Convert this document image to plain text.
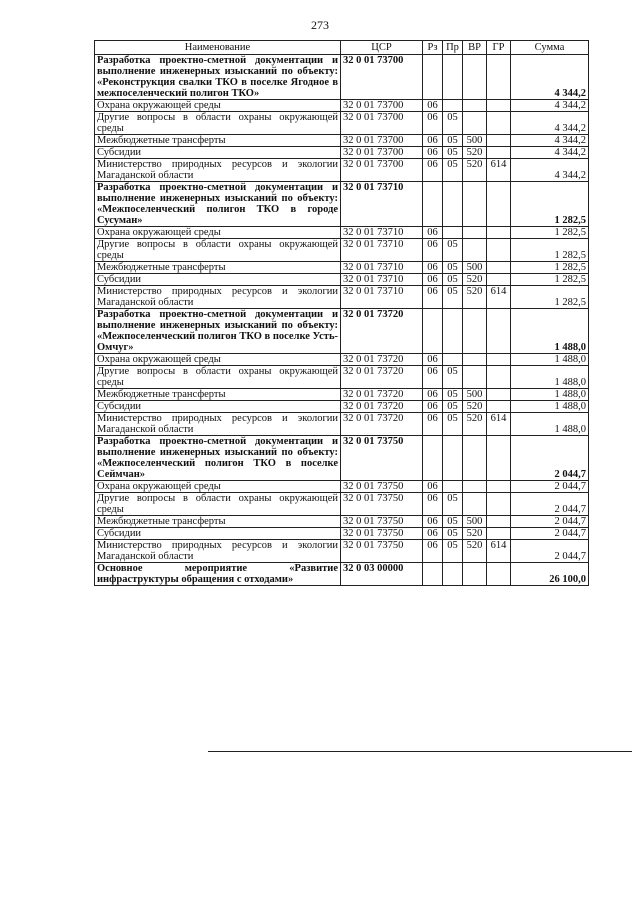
273
Наименование	ЦСР	Рз	Пр	ВР	ГР	Сумма
Разработка проектно-сметной документации и выполнение инженерных изысканий по объекту: «Реконструкция свалки ТКО в поселке Ягодное в межпоселенческий полигон ТКО»	32 0 01 73700					4 344,2
Охрана окружающей среды	32 0 01 73700	06				4 344,2
Другие вопросы в области охраны окружающей среды	32 0 01 73700	06	05			4 344,2
Межбюджетные трансферты	32 0 01 73700	06	05	500		4 344,2
Субсидии	32 0 01 73700	06	05	520		4 344,2
Министерство природных ресурсов и экологии Магаданской области	32 0 01 73700	06	05	520	614	4 344,2
Разработка проектно-сметной документации и выполнение инженерных изысканий по объекту: «Межпоселенческий полигон ТКО в городе Сусуман»	32 0 01 73710					1 282,5
Охрана окружающей среды	32 0 01 73710	06				1 282,5
Другие вопросы в области охраны окружающей среды	32 0 01 73710	06	05			1 282,5
Межбюджетные трансферты	32 0 01 73710	06	05	500		1 282,5
Субсидии	32 0 01 73710	06	05	520		1 282,5
Министерство природных ресурсов и экологии Магаданской области	32 0 01 73710	06	05	520	614	1 282,5
Разработка проектно-сметной документации и выполнение инженерных изысканий по объекту: «Межпоселенческий полигон ТКО в поселке Усть-Омчуг»	32 0 01 73720					1 488,0
Охрана окружающей среды	32 0 01 73720	06				1 488,0
Другие вопросы в области охраны окружающей среды	32 0 01 73720	06	05			1 488,0
Межбюджетные трансферты	32 0 01 73720	06	05	500		1 488,0
Субсидии	32 0 01 73720	06	05	520		1 488,0
Министерство природных ресурсов и экологии Магаданской области	32 0 01 73720	06	05	520	614	1 488,0
Разработка проектно-сметной документации и выполнение инженерных изысканий по объекту: «Межпоселенческий полигон ТКО в поселке Сеймчан»	32 0 01 73750					2 044,7
Охрана окружающей среды	32 0 01 73750	06				2 044,7
Другие вопросы в области охраны окружающей среды	32 0 01 73750	06	05			2 044,7
Межбюджетные трансферты	32 0 01 73750	06	05	500		2 044,7
Субсидии	32 0 01 73750	06	05	520		2 044,7
Министерство природных ресурсов и экологии Магаданской области	32 0 01 73750	06	05	520	614	2 044,7
Основное мероприятие «Развитие инфраструктуры обращения с отходами»	32 0 03 00000					26 100,0
